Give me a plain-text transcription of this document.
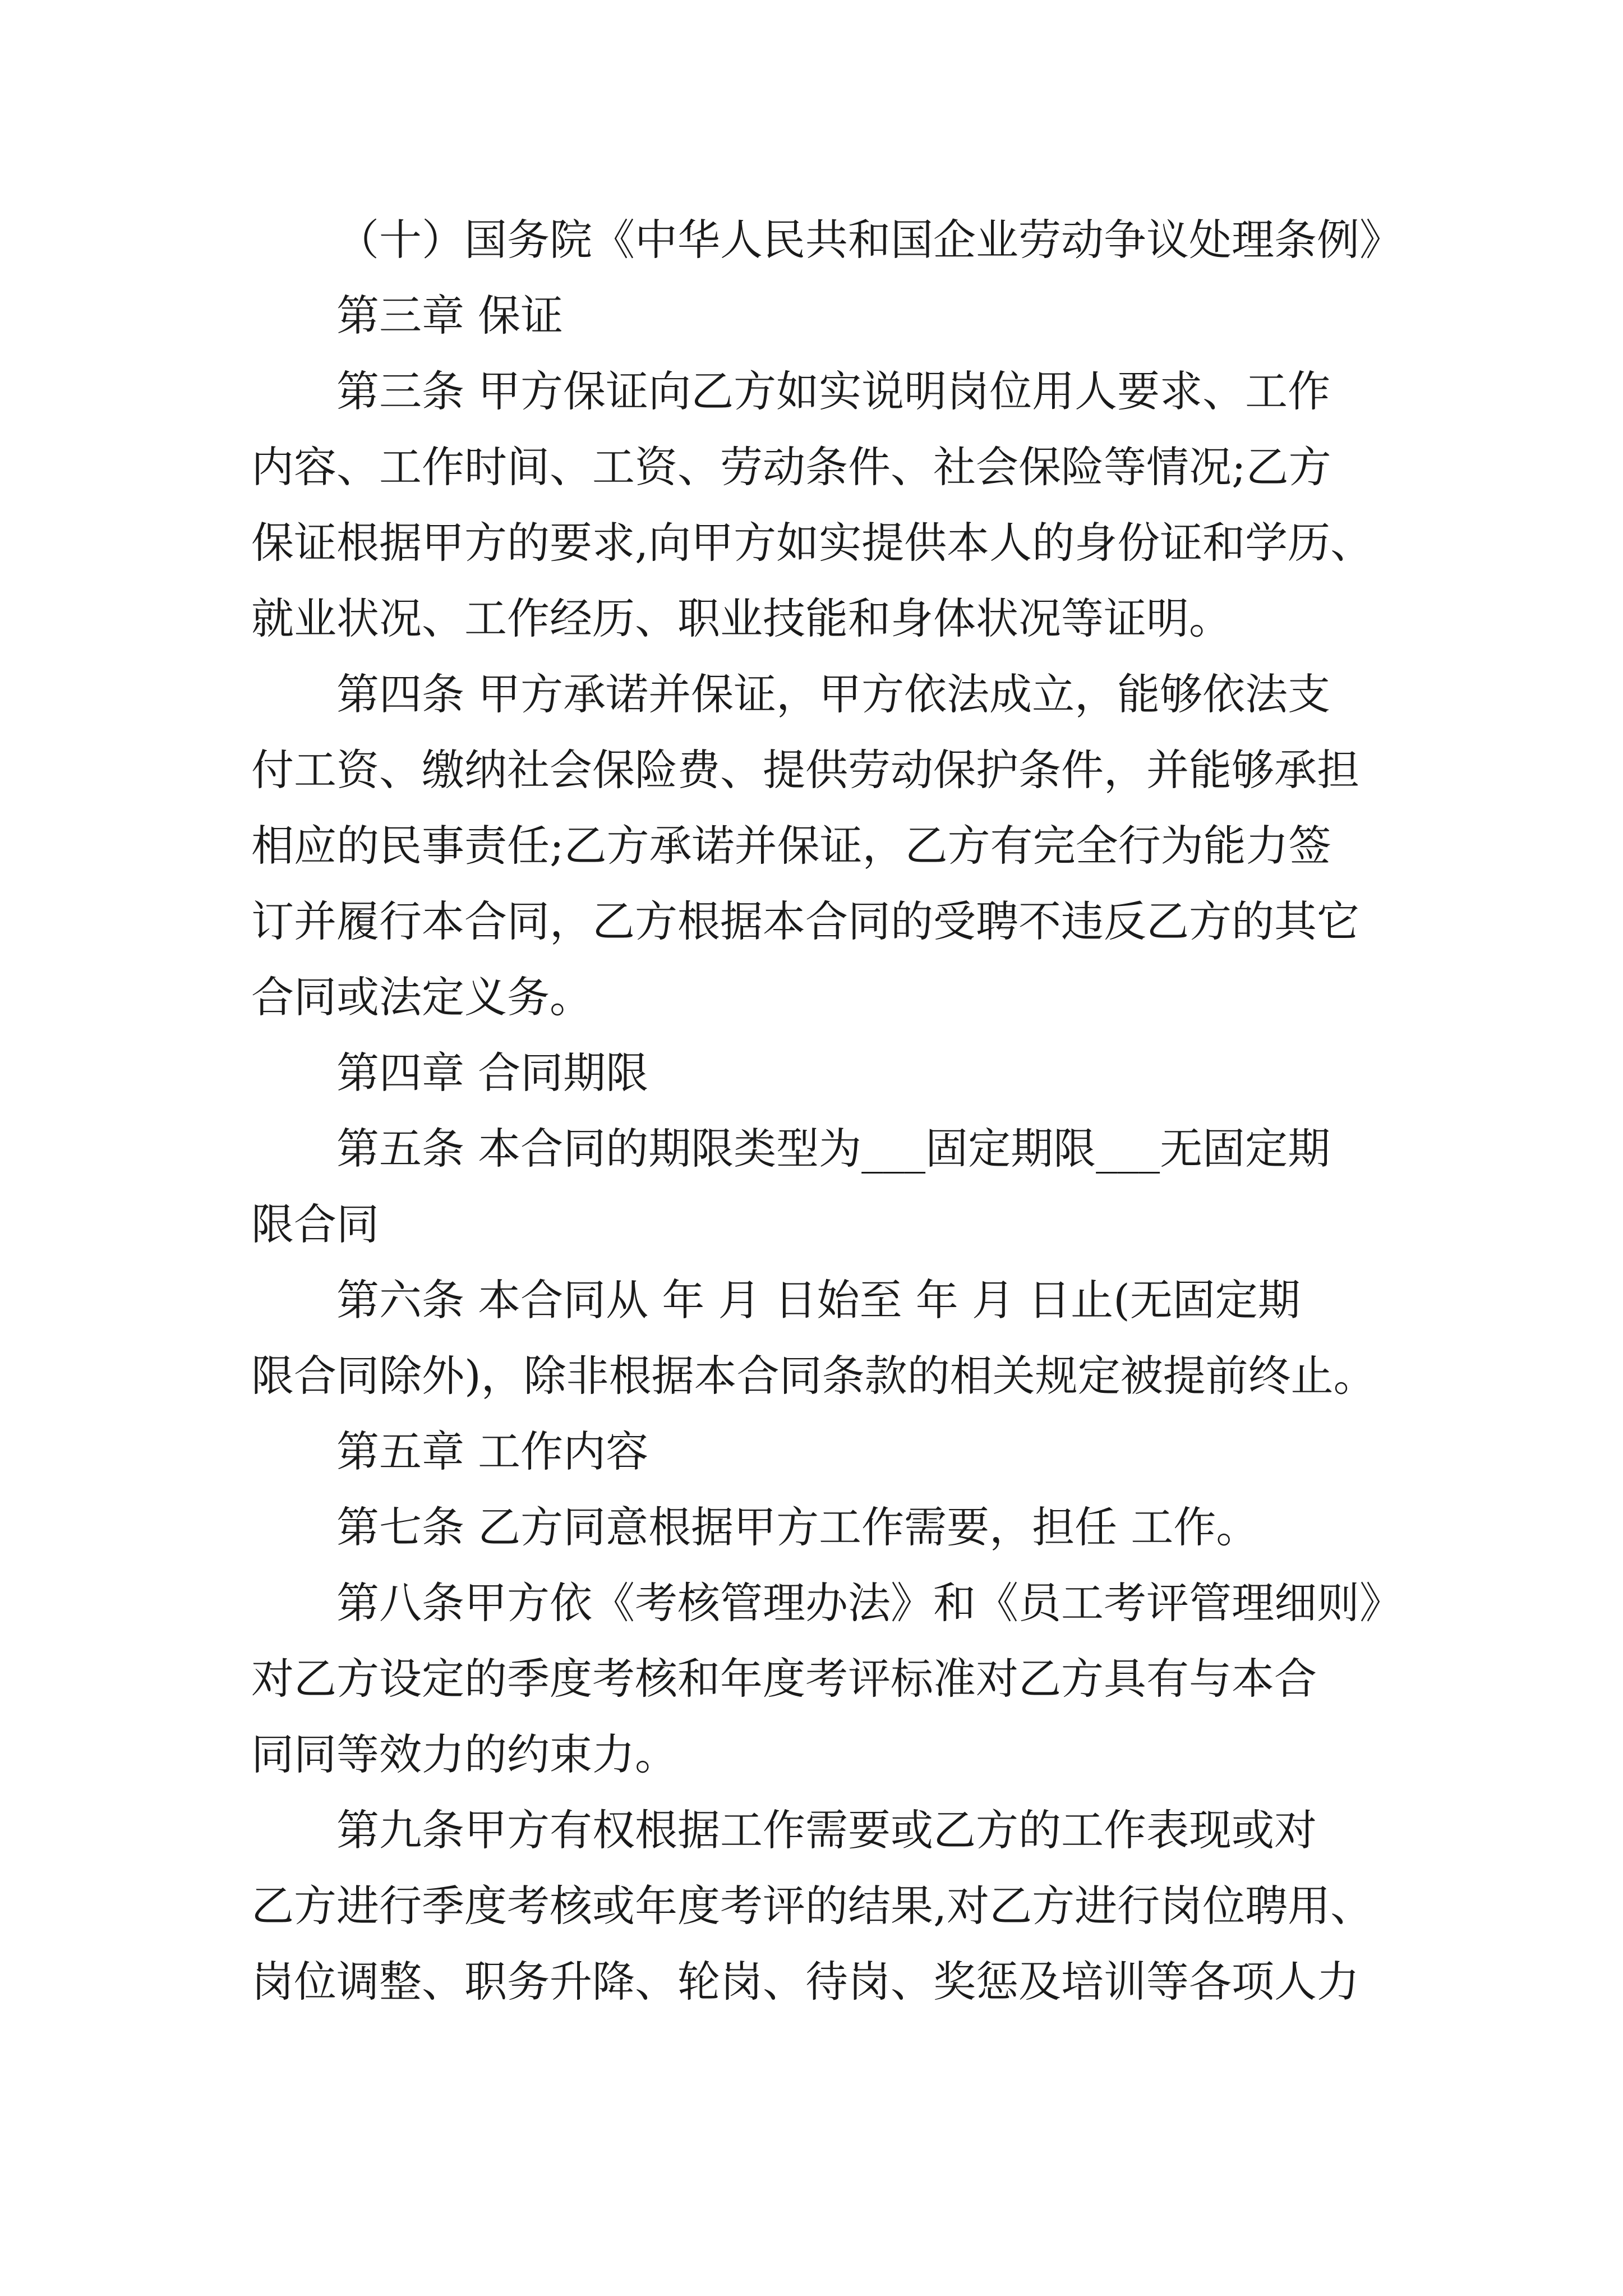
（十）国务院《中华人民共和国企业劳动争议处理条例》
第三章 保证
第三条 甲方保证向乙方如实说明岗位用人要求、工作
内容、工作时间、工资、劳动条件、社会保险等情况;乙方
保证根据甲方的要求,向甲方如实提供本人的身份证和学历、
就业状况、工作经历、职业技能和身体状况等证明。
第四条 甲方承诺并保证，甲方依法成立，能够依法支
付工资、缴纳社会保险费、提供劳动保护条件，并能够承担
相应的民事责任;乙方承诺并保证，乙方有完全行为能力签
订并履行本合同，乙方根据本合同的受聘不违反乙方的其它
合同或法定义务。
第四章 合同期限
第五条 本合同的期限类型为___固定期限___无固定期
限合同
第六条 本合同从 年 月 日始至 年 月 日止(无固定期
限合同除外)，除非根据本合同条款的相关规定被提前终止。
第五章 工作内容
第七条 乙方同意根据甲方工作需要，担任 工作。
第八条甲方依《考核管理办法》和《员工考评管理细则》
对乙方设定的季度考核和年度考评标准对乙方具有与本合
同同等效力的约束力。
第九条甲方有权根据工作需要或乙方的工作表现或对
乙方进行季度考核或年度考评的结果,对乙方进行岗位聘用、
岗位调整、职务升降、轮岗、待岗、奖惩及培训等各项人力
